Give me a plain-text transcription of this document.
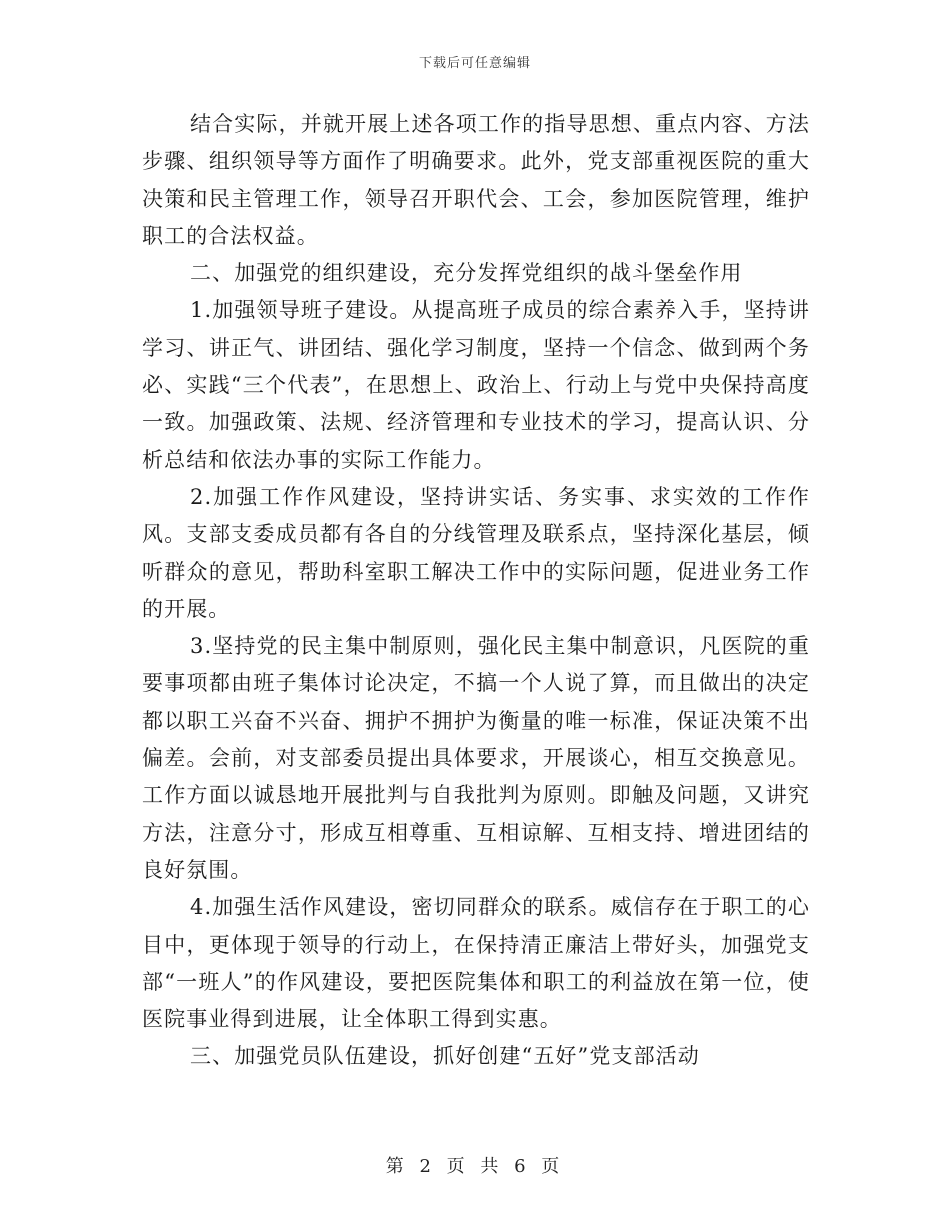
下载后可任意编辑

结合实际，并就开展上述各项工作的指导思想、重点内容、方法步骤、组织领导等方面作了明确要求。此外，党支部重视医院的重大决策和民主管理工作，领导召开职代会、工会，参加医院管理，维护职工的合法权益。

二、加强党的组织建设，充分发挥党组织的战斗堡垒作用

1.加强领导班子建设。从提高班子成员的综合素养入手，坚持讲学习、讲正气、讲团结、强化学习制度，坚持一个信念、做到两个务必、实践“三个代表”，在思想上、政治上、行动上与党中央保持高度一致。加强政策、法规、经济管理和专业技术的学习，提高认识、分析总结和依法办事的实际工作能力。

2.加强工作作风建设，坚持讲实话、务实事、求实效的工作作风。支部支委成员都有各自的分线管理及联系点，坚持深化基层，倾听群众的意见，帮助科室职工解决工作中的实际问题，促进业务工作的开展。

3.坚持党的民主集中制原则，强化民主集中制意识，凡医院的重要事项都由班子集体讨论决定，不搞一个人说了算，而且做出的决定都以职工兴奋不兴奋、拥护不拥护为衡量的唯一标准，保证决策不出偏差。会前，对支部委员提出具体要求，开展谈心，相互交换意见。工作方面以诚恳地开展批判与自我批判为原则。即触及问题，又讲究方法，注意分寸，形成互相尊重、互相谅解、互相支持、增进团结的良好氛围。

4.加强生活作风建设，密切同群众的联系。威信存在于职工的心目中，更体现于领导的行动上，在保持清正廉洁上带好头，加强党支部“一班人”的作风建设，要把医院集体和职工的利益放在第一位，使医院事业得到进展，让全体职工得到实惠。

三、加强党员队伍建设，抓好创建“五好”党支部活动

第 2 页 共 6 页
